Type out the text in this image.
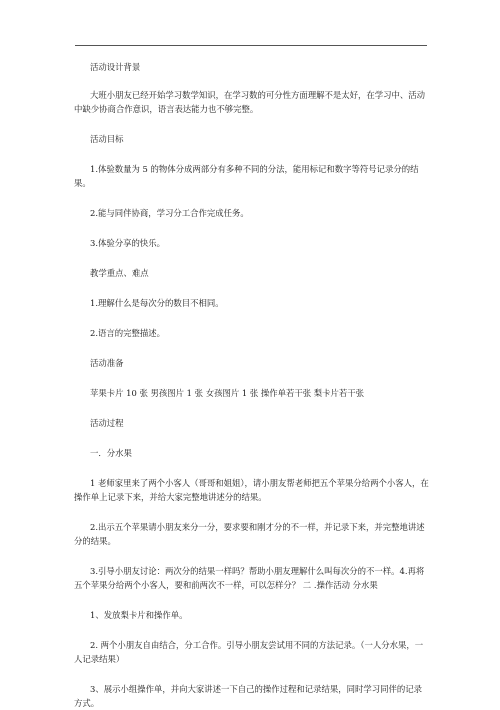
活动设计背景

大班小朋友已经开始学习数学知识，在学习数的可分性方面理解不是太好，在学习中、活动中缺少协商合作意识，语言表达能力也不够完整。

活动目标

1.体验数量为 5 的物体分成两部分有多种不同的分法，能用标记和数字等符号记录分的结果。

2.能与同伴协商，学习分工合作完成任务。

3.体验分享的快乐。

教学重点、难点

1.理解什么是每次分的数目不相同。

2.语言的完整描述。

活动准备

苹果卡片 10 张 男孩图片 1 张 女孩图片 1 张 操作单若干张 梨卡片若干张

活动过程

一．分水果

1 老师家里来了两个小客人（哥哥和姐姐），请小朋友帮老师把五个苹果分给两个小客人，在操作单上记录下来，并给大家完整地讲述分的结果。

2.出示五个苹果请小朋友来分一分，要求要和刚才分的不一样，并记录下来，并完整地讲述分的结果。

3.引导小朋友讨论：两次分的结果一样吗？帮助小朋友理解什么叫每次分的不一样。4.再将五个苹果分给两个小客人，要和前两次不一样，可以怎样分？ 二 .操作活动 分水果

1、发放梨卡片和操作单。

2. 两个小朋友自由结合，分工合作。引导小朋友尝试用不同的方法记录。（一人分水果，一人记录结果）

3、展示小组操作单，并向大家讲述一下自己的操作过程和记录结果，同时学习同伴的记录方式。
